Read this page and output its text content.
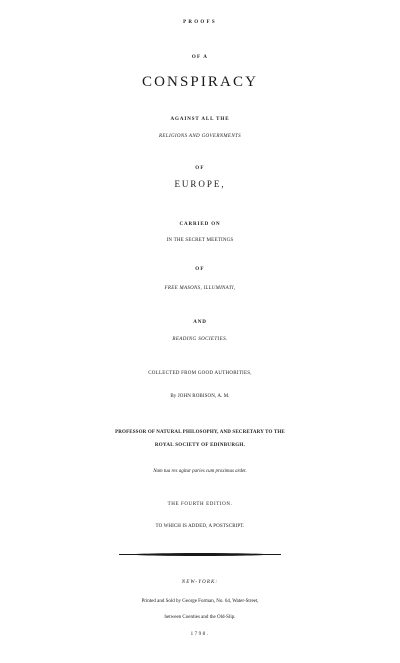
PROOFS
OF A
CONSPIRACY
AGAINST ALL THE
RELIGIONS AND GOVERNMENTS
OF
EUROPE,
CARRIED ON
IN THE SECRET MEETINGS
OF
FREE MASONS, ILLUMINATI,
AND
READING SOCIETIES.
COLLECTED FROM GOOD AUTHORITIES,
By JOHN ROBISON, A. M.
PROFESSOR OF NATURAL PHILOSOPHY, AND SECRETARY TO THE
ROYAL SOCIETY OF EDINBURGH.
Nam tua res agitur paries cum proximus ardet.
THE FOURTH EDITION.
TO WHICH IS ADDED, A POSTSCRIPT.
NEW-YORK:
Printed and Sold by George Forman, No. 64, Water-Street,
between Coenties and the Old-Slip.
1798.
